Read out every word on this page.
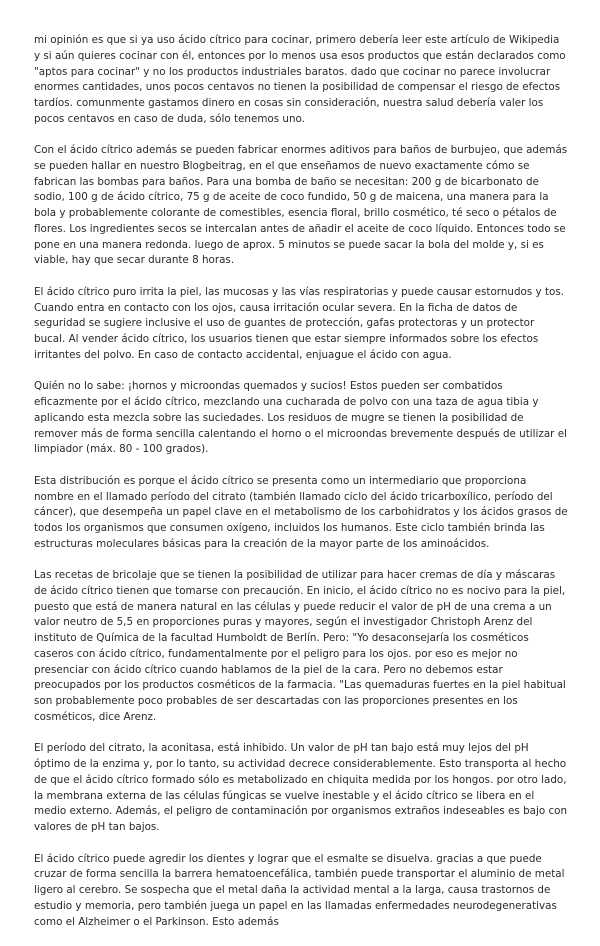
mi opinión es que si ya uso ácido cítrico para cocinar, primero debería leer este artículo de Wikipedia y si aún quieres cocinar con él, entonces por lo menos usa esos productos que están declarados como "aptos para cocinar" y no los productos industriales baratos. dado que cocinar no parece involucrar enormes cantidades, unos pocos centavos no tienen la posibilidad de compensar el riesgo de efectos tardíos. comunmente gastamos dinero en cosas sin consideración, nuestra salud debería valer los pocos centavos en caso de duda, sólo tenemos uno.

Con el ácido cítrico además se pueden fabricar enormes aditivos para baños de burbujeo, que además se pueden hallar en nuestro Blogbeitrag, en el que enseñamos de nuevo exactamente cómo se fabrican las bombas para baños. Para una bomba de baño se necesitan: 200 g de bicarbonato de sodio, 100 g de ácido cítrico, 75 g de aceite de coco fundido, 50 g de maicena, una manera para la bola y probablemente colorante de comestibles, esencia floral, brillo cosmético, té seco o pétalos de flores. Los ingredientes secos se intercalan antes de añadir el aceite de coco líquido. Entonces todo se pone en una manera redonda. luego de aprox. 5 minutos se puede sacar la bola del molde y, si es viable, hay que secar durante 8 horas.

El ácido cítrico puro irrita la piel, las mucosas y las vías respiratorias y puede causar estornudos y tos. Cuando entra en contacto con los ojos, causa irritación ocular severa. En la ficha de datos de seguridad se sugiere inclusive el uso de guantes de protección, gafas protectoras y un protector bucal. Al vender ácido cítrico, los usuarios tienen que estar siempre informados sobre los efectos irritantes del polvo. En caso de contacto accidental, enjuague el ácido con agua.

Quién no lo sabe: ¡hornos y microondas quemados y sucios! Estos pueden ser combatidos eficazmente por el ácido cítrico, mezclando una cucharada de polvo con una taza de agua tibia y aplicando esta mezcla sobre las suciedades. Los residuos de mugre se tienen la posibilidad de remover más de forma sencilla calentando el horno o el microondas brevemente después de utilizar el limpiador (máx. 80 - 100 grados).

Esta distribución es porque el ácido cítrico se presenta como un intermediario que proporciona nombre en el llamado período del citrato (también llamado ciclo del ácido tricarboxílico, período del cáncer), que desempeña un papel clave en el metabolismo de los carbohidratos y los ácidos grasos de todos los organismos que consumen oxígeno, incluidos los humanos. Este ciclo también brinda las estructuras moleculares básicas para la creación de la mayor parte de los aminoácidos.

Las recetas de bricolaje que se tienen la posibilidad de utilizar para hacer cremas de día y máscaras de ácido cítrico tienen que tomarse con precaución. En inicio, el ácido cítrico no es nocivo para la piel, puesto que está de manera natural en las células y puede reducir el valor de pH de una crema a un valor neutro de 5,5 en proporciones puras y mayores, según el investigador Christoph Arenz del instituto de Química de la facultad Humboldt de Berlín. Pero: "Yo desaconsejaría los cosméticos caseros con ácido cítrico, fundamentalmente por el peligro para los ojos. por eso es mejor no presenciar con ácido cítrico cuando hablamos de la piel de la cara. Pero no debemos estar preocupados por los productos cosméticos de la farmacia. "Las quemaduras fuertes en la piel habitual son probablemente poco probables de ser descartadas con las proporciones presentes en los cosméticos, dice Arenz.

El período del citrato, la aconitasa, está inhibido. Un valor de pH tan bajo está muy lejos del pH óptimo de la enzima y, por lo tanto, su actividad decrece considerablemente. Esto transporta al hecho de que el ácido cítrico formado sólo es metabolizado en chiquita medida por los hongos. por otro lado, la membrana externa de las células fúngicas se vuelve inestable y el ácido cítrico se libera en el medio externo. Además, el peligro de contaminación por organismos extraños indeseables es bajo con valores de pH tan bajos.

El ácido cítrico puede agredir los dientes y lograr que el esmalte se disuelva. gracias a que puede cruzar de forma sencilla la barrera hematoencefálica, también puede transportar el aluminio de metal ligero al cerebro. Se sospecha que el metal daña la actividad mental a la larga, causa trastornos de estudio y memoria, pero también juega un papel en las llamadas enfermedades neurodegenerativas como el Alzheimer o el Parkinson. Esto además
